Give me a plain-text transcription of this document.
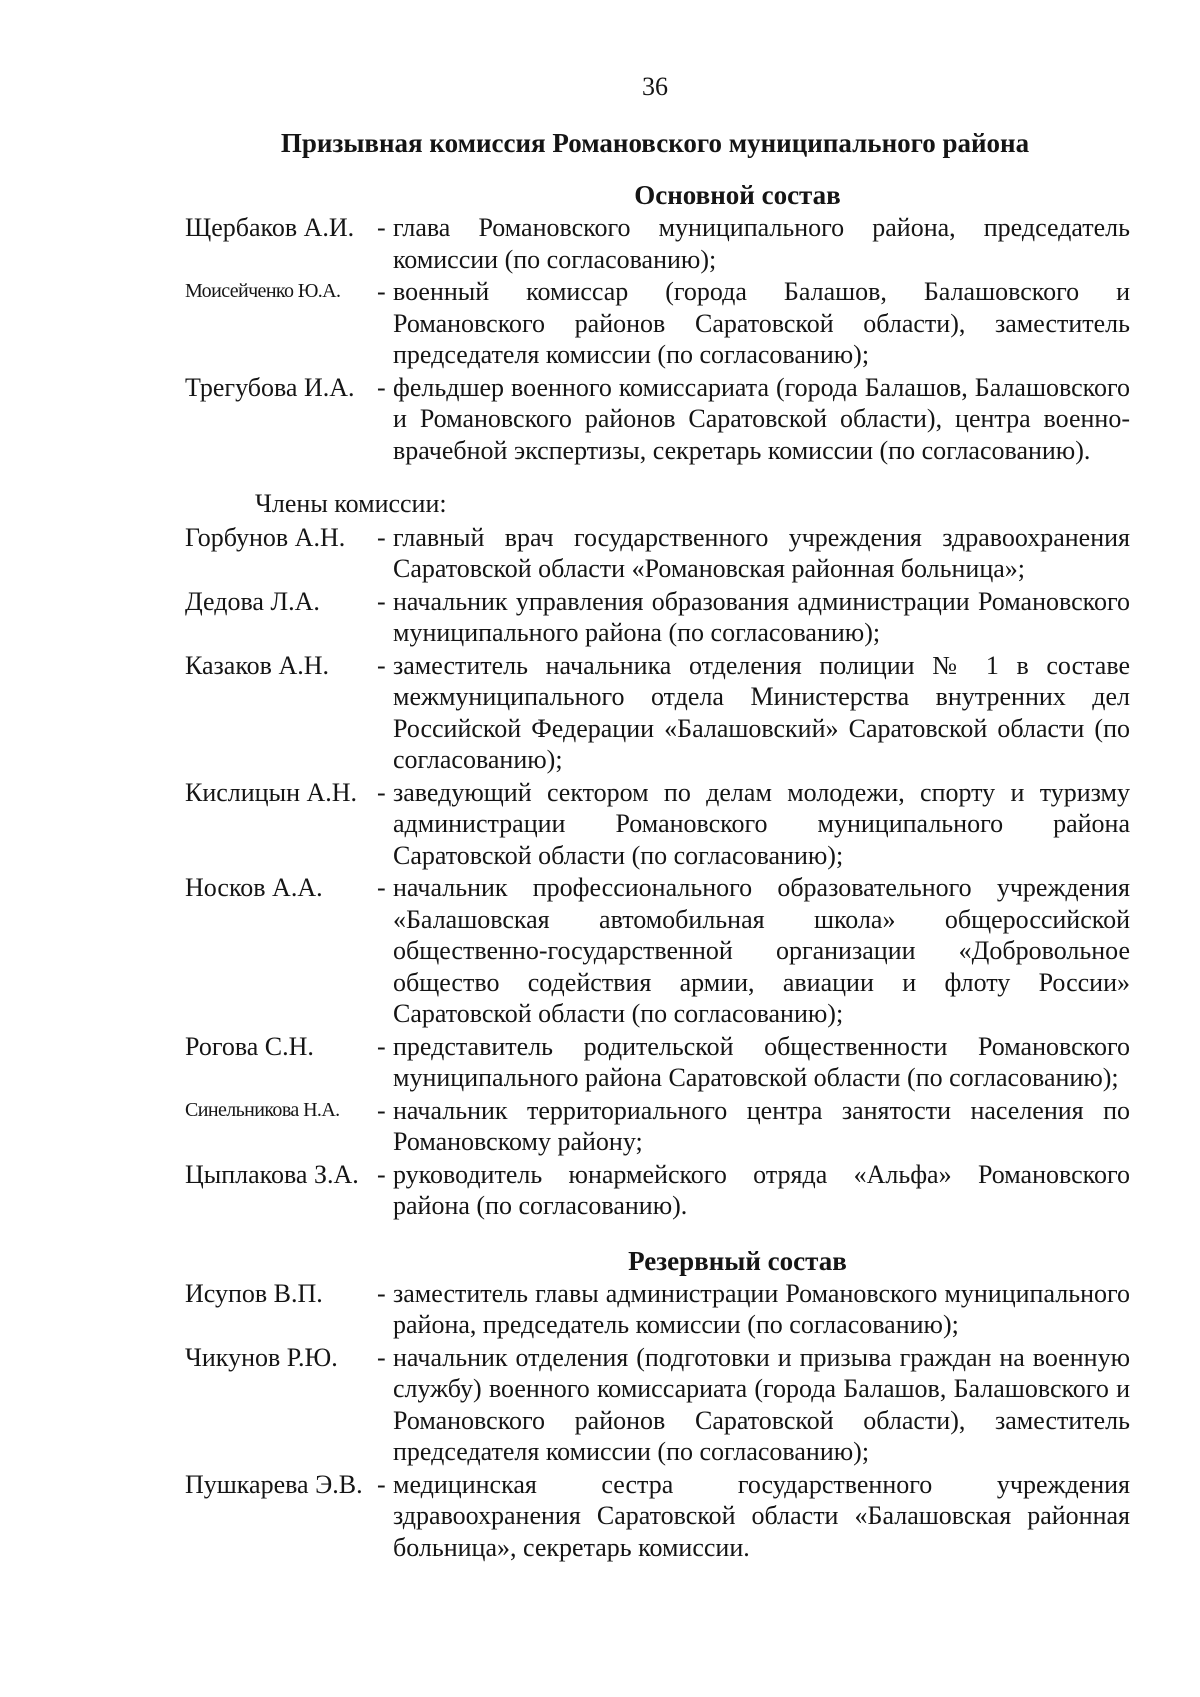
36
Призывная комиссия Романовского муниципального района
Основной состав
Щербаков А.И. - глава Романовского муниципального района, председатель комиссии (по согласованию);
Моисейченко Ю.А.	- военный комиссар (города Балашов, Балашовского и Романовского районов Саратовской области), заместитель председателя комиссии (по согласованию);
Трегубова И.А. - фельдшер военного комиссариата (города Балашов, Балашовского и Романовского районов Саратовской области), центра военно-врачебной экспертизы, секретарь комиссии (по согласованию).
Члены комиссии:
Горбунов А.Н.	- главный врач государственного учреждения здравоохранения Саратовской области «Романовская районная больница»;
Дедова Л.А.	- начальник управления образования администрации Романовского муниципального района (по согласованию);
Казаков А.Н.	- заместитель начальника отделения полиции № 1 в составе межмуниципального отдела Министерства внутренних дел Российской Федерации «Балашовский» Саратовской области (по согласованию);
Кислицын А.Н. - заведующий сектором по делам молодежи, спорту и туризму администрации Романовского муниципального района Саратовской области (по согласованию);
Носков А.А.	- начальник профессионального образовательного учреждения «Балашовская автомобильная школа» общероссийской общественно-государственной организации «Добровольное общество содействия армии, авиации и флоту России» Саратовской области (по согласованию);
Рогова С.Н.	- представитель родительской общественности Романовского муниципального района Саратовской области (по согласованию);
Синельникова Н.А.	- начальник территориального центра занятости населения по Романовскому району;
Цыплакова З.А. - руководитель юнармейского отряда «Альфа» Романовского района (по согласованию).
Резервный состав
Исупов В.П.	- заместитель главы администрации Романовского муниципального района, председатель комиссии (по согласованию);
Чикунов Р.Ю.	- начальник отделения (подготовки и призыва граждан на военную службу) военного комиссариата (города Балашов, Балашовского и Романовского районов Саратовской области), заместитель председателя комиссии (по согласованию);
Пушкарева Э.В. - медицинская сестра государственного учреждения здравоохранения Саратовской области «Балашовская районная больница», секретарь комиссии.
